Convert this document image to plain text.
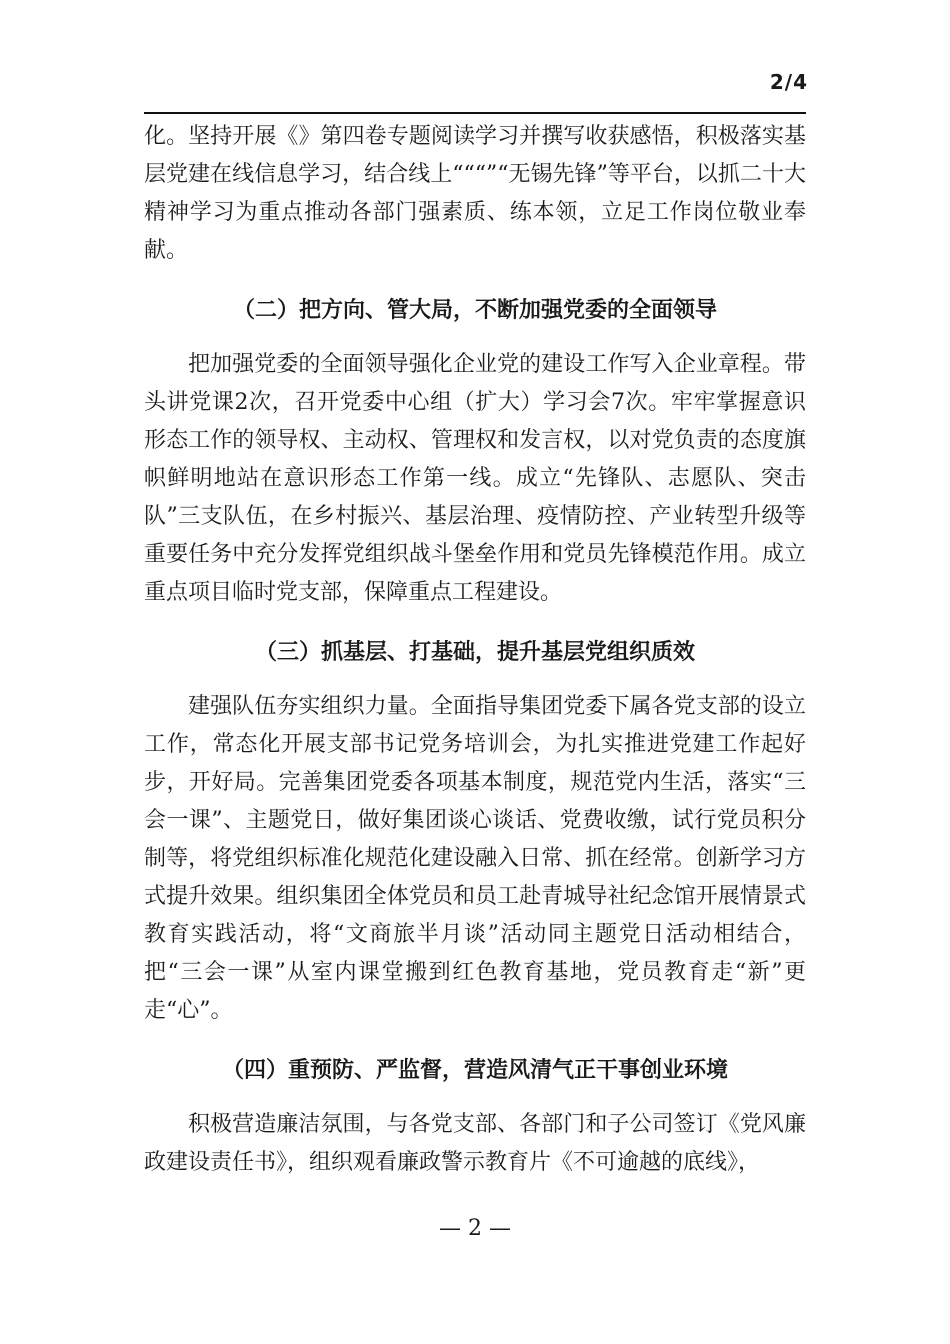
2/4

化。坚持开展《》第四卷专题阅读学习并撰写收获感悟，积极落实基层党建在线信息学习，结合线上“““”“无锡先锋”等平台，以抓二十大精神学习为重点推动各部门强素质、练本领，立足工作岗位敬业奉献。

（二）把方向、管大局，不断加强党委的全面领导

把加强党委的全面领导强化企业党的建设工作写入企业章程。带头讲党课2次，召开党委中心组（扩大）学习会7次。牢牢掌握意识形态工作的领导权、主动权、管理权和发言权，以对党负责的态度旗帜鲜明地站在意识形态工作第一线。成立“先锋队、志愿队、突击队”三支队伍，在乡村振兴、基层治理、疫情防控、产业转型升级等重要任务中充分发挥党组织战斗堡垒作用和党员先锋模范作用。成立重点项目临时党支部，保障重点工程建设。

（三）抓基层、打基础，提升基层党组织质效

建强队伍夯实组织力量。全面指导集团党委下属各党支部的设立工作，常态化开展支部书记党务培训会，为扎实推进党建工作起好步，开好局。完善集团党委各项基本制度，规范党内生活，落实“三会一课”、主题党日，做好集团谈心谈话、党费收缴，试行党员积分制等，将党组织标准化规范化建设融入日常、抓在经常。创新学习方式提升效果。组织集团全体党员和员工赴青城导社纪念馆开展情景式教育实践活动，将“文商旅半月谈”活动同主题党日活动相结合，把“三会一课”从室内课堂搬到红色教育基地，党员教育走“新”更走“心”。

（四）重预防、严监督，营造风清气正干事创业环境

积极营造廉洁氛围，与各党支部、各部门和子公司签订《党风廉政建设责任书》，组织观看廉政警示教育片《不可逾越的底线》，

— 2 —
